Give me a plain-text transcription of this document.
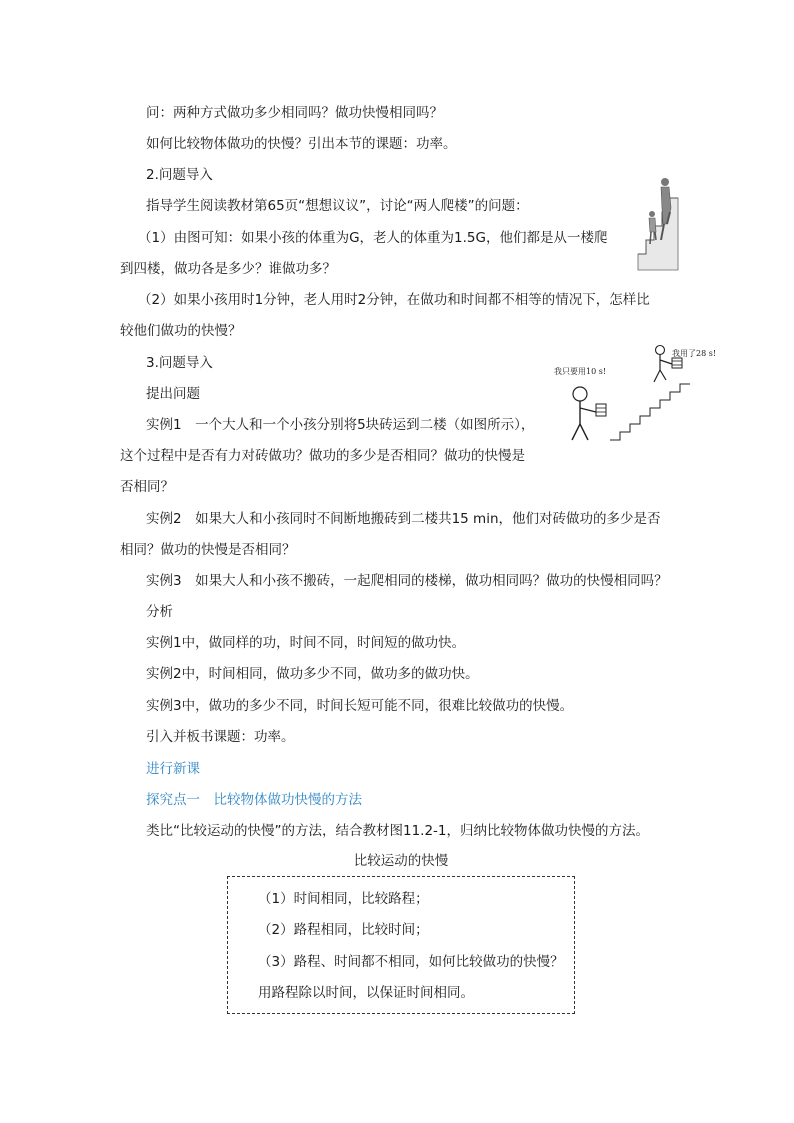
问：两种方式做功多少相同吗？做功快慢相同吗？
如何比较物体做功的快慢？引出本节的课题：功率。
2.问题导入
指导学生阅读教材第65页“想想议议”，讨论“两人爬楼”的问题：
（1）由图可知：如果小孩的体重为G，老人的体重为1.5G，他们都是从一楼爬
到四楼，做功各是多少？谁做功多？
（2）如果小孩用时1分钟，老人用时2分钟，在做功和时间都不相等的情况下，怎样比
较他们做功的快慢？
3.问题导入
提出问题
实例1　一个大人和一个小孩分别将5块砖运到二楼（如图所示），
这个过程中是否有力对砖做功？做功的多少是否相同？做功的快慢是
否相同？
我只要用10 s!
我用了28 s!
实例2　如果大人和小孩同时不间断地搬砖到二楼共15 min，他们对砖做功的多少是否
相同？做功的快慢是否相同？
实例3　如果大人和小孩不搬砖，一起爬相同的楼梯，做功相同吗？做功的快慢相同吗？
分析
实例1中，做同样的功，时间不同，时间短的做功快。
实例2中，时间相同，做功多少不同，做功多的做功快。
实例3中，做功的多少不同，时间长短可能不同，很难比较做功的快慢。
引入并板书课题：功率。
进行新课
探究点一　比较物体做功快慢的方法
类比“比较运动的快慢”的方法，结合教材图11.2-1，归纳比较物体做功快慢的方法。
比较运动的快慢
（1）时间相同，比较路程；
（2）路程相同，比较时间；
（3）路程、时间都不相同，如何比较做功的快慢？
用路程除以时间，以保证时间相同。
